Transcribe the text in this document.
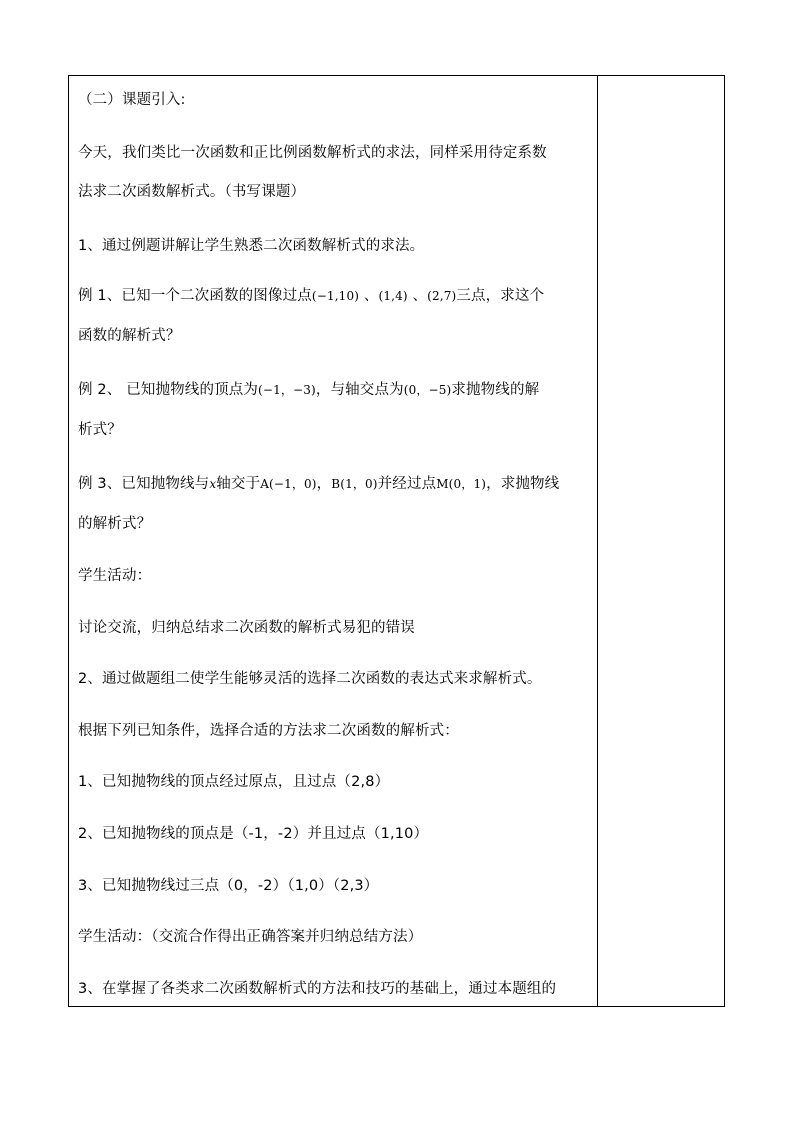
（二）课题引入:
今天，我们类比一次函数和正比例函数解析式的求法，同样采用待定系数
法求二次函数解析式。（书写课题）
1、通过例题讲解让学生熟悉二次函数解析式的求法。
例 1、已知一个二次函数的图像过点(−1,10) 、(1,4) 、(2,7)三点，求这个
函数的解析式？
例 2、 已知抛物线的顶点为(−1，−3)，与轴交点为(0，−5)求抛物线的解
析式？
例 3、已知抛物线与x轴交于A(−1，0)，B(1，0)并经过点M(0，1)，求抛物线
的解析式？
学生活动：
讨论交流，归纳总结求二次函数的解析式易犯的错误
2、通过做题组二使学生能够灵活的选择二次函数的表达式来求解析式。
根据下列已知条件，选择合适的方法求二次函数的解析式：
1、已知抛物线的顶点经过原点，且过点（2,8）
2、已知抛物线的顶点是（-1，-2）并且过点（1,10）
3、已知抛物线过三点（0，-2）（1,0）（2,3）
学生活动：（交流合作得出正确答案并归纳总结方法）
3、在掌握了各类求二次函数解析式的方法和技巧的基础上，通过本题组的
